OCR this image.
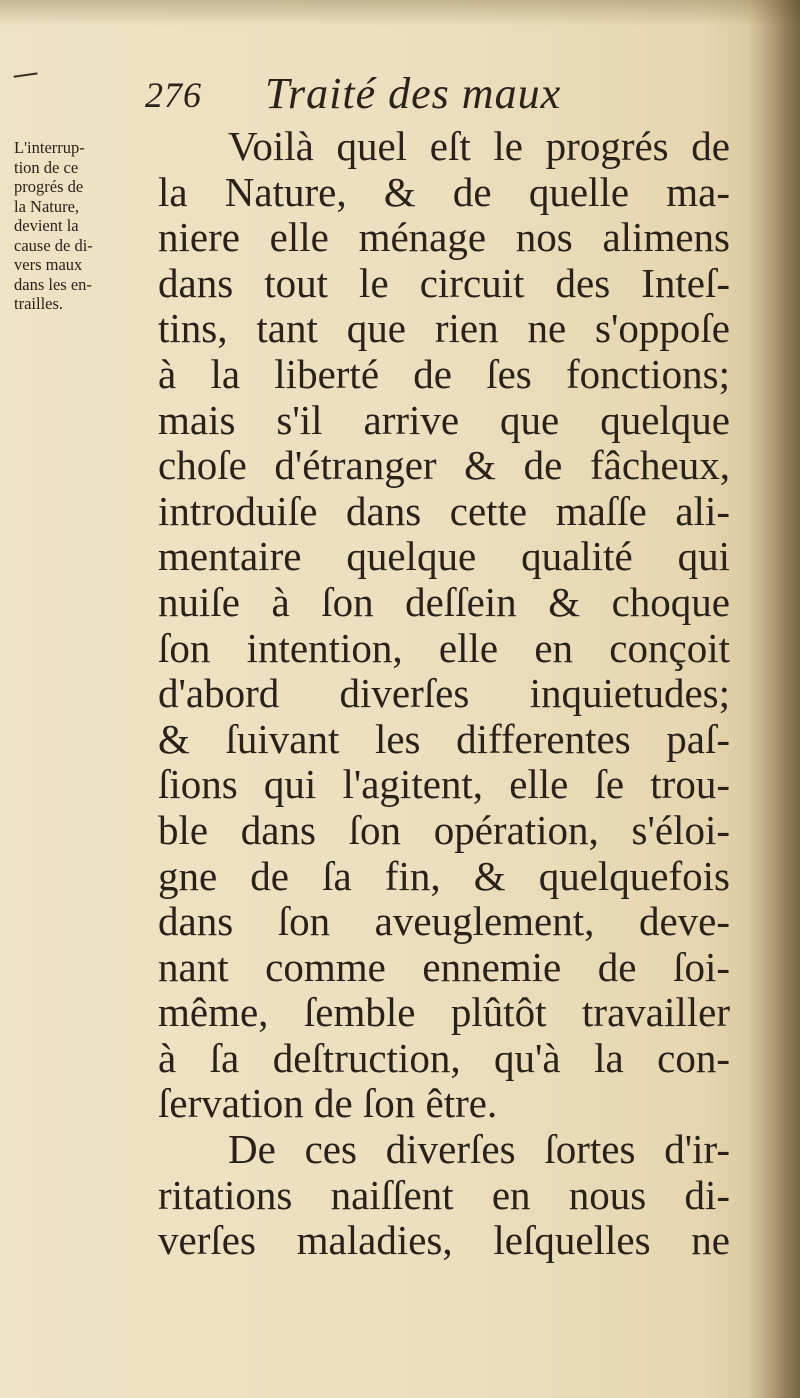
276 Traité des maux
L'interrup-
tion de ce
progrés de
la Nature,
devient la
cause de di-
vers maux
dans les en-
trailles.
Voilà quel eſt le progrés de
la Nature, & de quelle ma-
niere elle ménage nos alimens
dans tout le circuit des Inteſ-
tins, tant que rien ne s'oppoſe
à la liberté de ſes fonctions;
mais s'il arrive que quelque
choſe d'étranger & de fâcheux,
introduiſe dans cette maſſe ali-
mentaire quelque qualité qui
nuiſe à ſon deſſein & choque
ſon intention, elle en conçoit
d'abord diverſes inquietudes;
& ſuivant les differentes paſ-
ſions qui l'agitent, elle ſe trou-
ble dans ſon opération, s'éloi-
gne de ſa fin, & quelquefois
dans ſon aveuglement, deve-
nant comme ennemie de ſoi-
même, ſemble plûtôt travailler
à ſa deſtruction, qu'à la con-
ſervation de ſon être.
De ces diverſes ſortes d'ir-
ritations naiſſent en nous di-
verſes maladies, leſquelles ne
